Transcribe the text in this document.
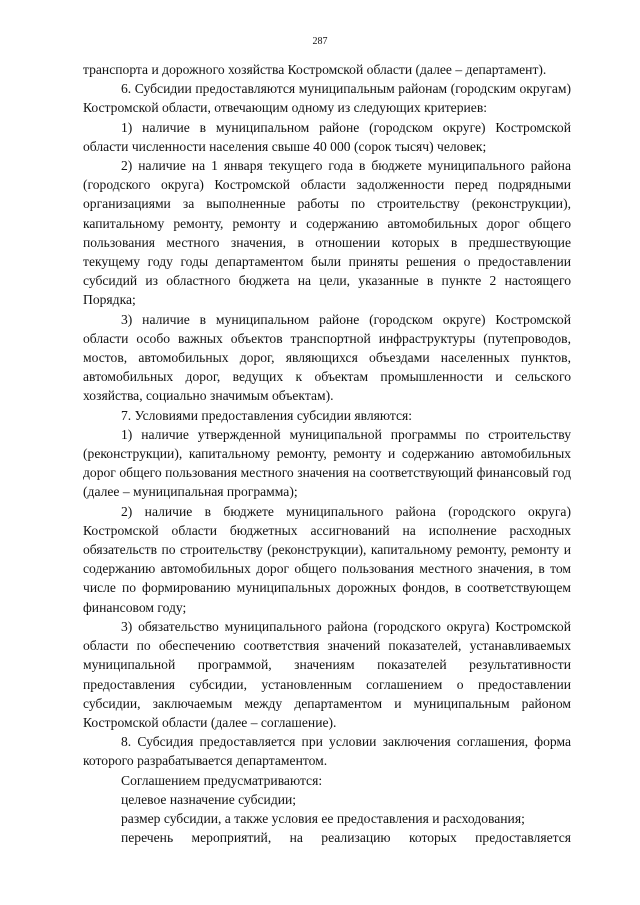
287

транспорта и дорожного хозяйства Костромской области (далее – департамент).

6. Субсидии предоставляются муниципальным районам (городским округам) Костромской области, отвечающим одному из следующих критериев:

1) наличие в муниципальном районе (городском округе) Костромской области численности населения свыше 40 000 (сорок тысяч) человек;

2) наличие на 1 января текущего года в бюджете муниципального района (городского округа) Костромской области задолженности перед подрядными организациями за выполненные работы по строительству (реконструкции), капитальному ремонту, ремонту и содержанию автомобильных дорог общего пользования местного значения, в отношении которых в предшествующие текущему году годы департаментом были приняты решения о предоставлении субсидий из областного бюджета на цели, указанные в пункте 2 настоящего Порядка;

3) наличие в муниципальном районе (городском округе) Костромской области особо важных объектов транспортной инфраструктуры (путепроводов, мостов, автомобильных дорог, являющихся объездами населенных пунктов, автомобильных дорог, ведущих к объектам промышленности и сельского хозяйства, социально значимым объектам).

7. Условиями предоставления субсидии являются:

1) наличие утвержденной муниципальной программы по строительству (реконструкции), капитальному ремонту, ремонту и содержанию автомобильных дорог общего пользования местного значения на соответствующий финансовый год (далее – муниципальная программа);

2) наличие в бюджете муниципального района (городского округа) Костромской области бюджетных ассигнований на исполнение расходных обязательств по строительству (реконструкции), капитальному ремонту, ремонту и содержанию автомобильных дорог общего пользования местного значения, в том числе по формированию муниципальных дорожных фондов, в соответствующем финансовом году;

3) обязательство муниципального района (городского округа) Костромской области по обеспечению соответствия значений показателей, устанавливаемых муниципальной программой, значениям показателей результативности предоставления субсидии, установленным соглашением о предоставлении субсидии, заключаемым между департаментом и муниципальным районом Костромской области (далее – соглашение).

8. Субсидия предоставляется при условии заключения соглашения, форма которого разрабатывается департаментом.

Соглашением предусматриваются:

целевое назначение субсидии;

размер субсидии, а также условия ее предоставления и расходования;

перечень мероприятий, на реализацию которых предоставляется
